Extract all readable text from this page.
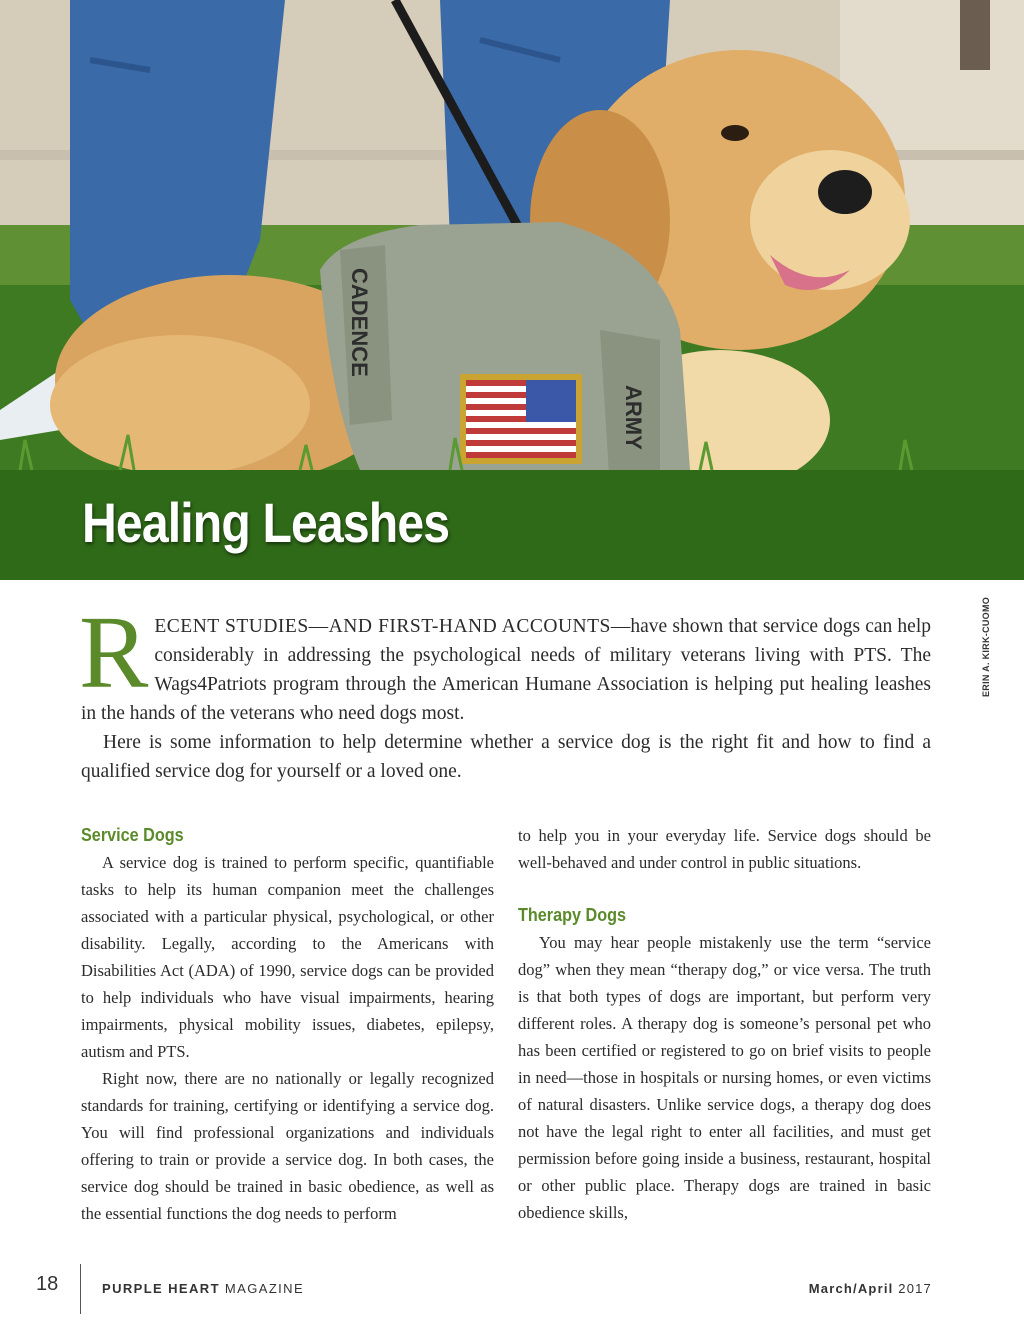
CADENCE
ARMY
Healing Leashes
ERIN A. KIRK-CUOMO

RECENT STUDIES—AND FIRST-HAND ACCOUNTS—have shown that service dogs can help considerably in addressing the psychological needs of military veterans living with PTS. The Wags4Patriots program through the American Humane Association is helping put healing leashes in the hands of the veterans who need dogs most.

Here is some information to help determine whether a service dog is the right fit and how to find a qualified service dog for yourself or a loved one.

Service Dogs

A service dog is trained to perform specific, quantifiable tasks to help its human companion meet the challenges associated with a particular physical, psychological, or other disability. Legally, according to the Americans with Disabilities Act (ADA) of 1990, service dogs can be provided to help individuals who have visual impairments, hearing impairments, physical mobility issues, diabetes, epilepsy, autism and PTS.

Right now, there are no nationally or legally recognized standards for training, certifying or identifying a service dog. You will find professional organizations and individuals offering to train or provide a service dog. In both cases, the service dog should be trained in basic obedience, as well as the essential functions the dog needs to perform

to help you in your everyday life. Service dogs should be well-behaved and under control in public situations.

Therapy Dogs

You may hear people mistakenly use the term “service dog” when they mean “therapy dog,” or vice versa. The truth is that both types of dogs are important, but perform very different roles. A therapy dog is someone’s personal pet who has been certified or registered to go on brief visits to people in need—those in hospitals or nursing homes, or even victims of natural disasters. Unlike service dogs, a therapy dog does not have the legal right to enter all facilities, and must get permission before going inside a business, restaurant, hospital or other public place. Therapy dogs are trained in basic obedience skills,

18	PURPLE HEART MAGAZINE	March/April 2017
